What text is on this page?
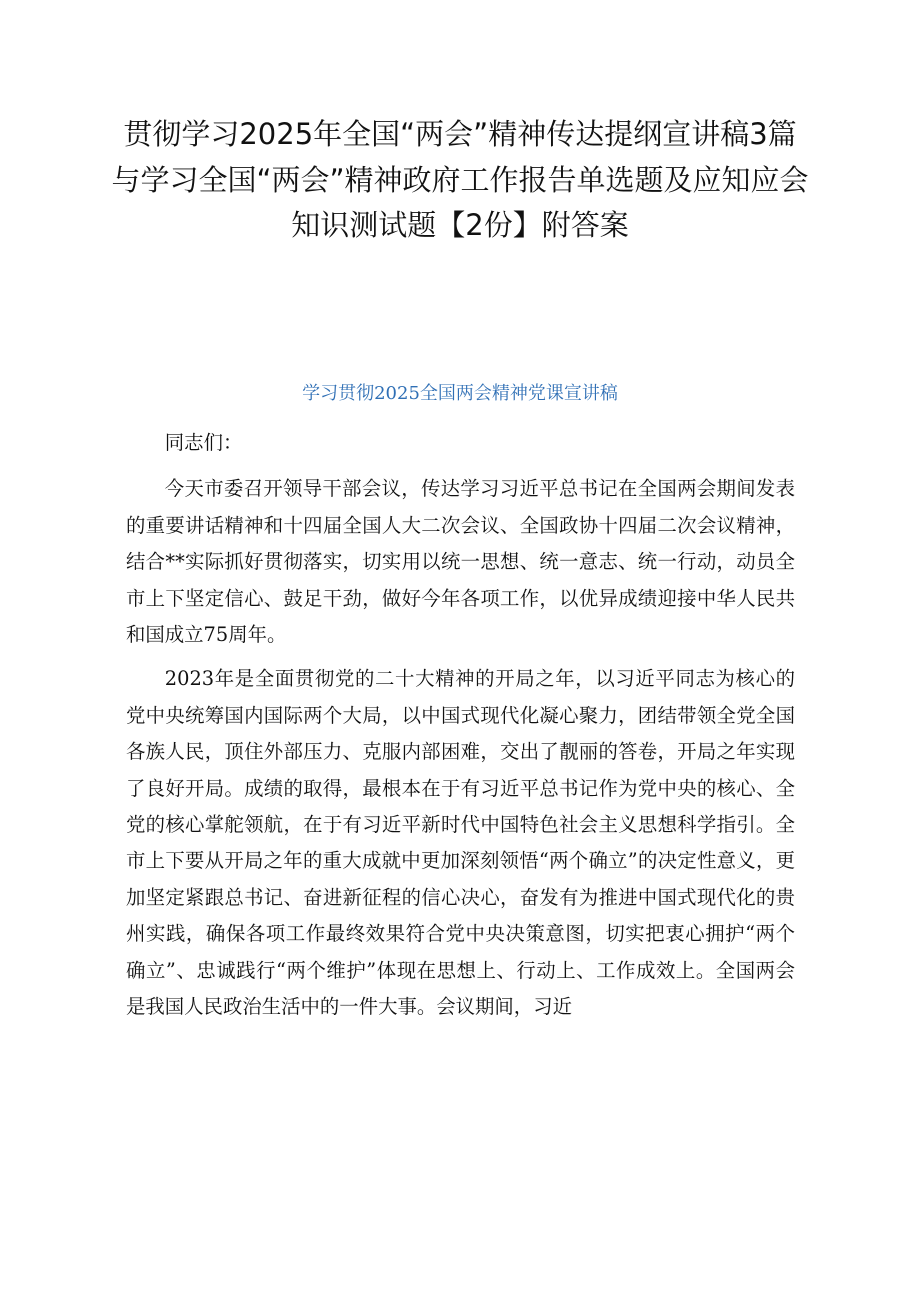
贯彻学习2025年全国“两会”精神传达提纲宣讲稿3篇与学习全国“两会”精神政府工作报告单选题及应知应会知识测试题【2份】附答案
学习贯彻2025全国两会精神党课宣讲稿

同志们：

今天市委召开领导干部会议，传达学习习近平总书记在全国两会期间发表的重要讲话精神和十四届全国人大二次会议、全国政协十四届二次会议精神，结合**实际抓好贯彻落实，切实用以统一思想、统一意志、统一行动，动员全市上下坚定信心、鼓足干劲，做好今年各项工作，以优异成绩迎接中华人民共和国成立75周年。

2023年是全面贯彻党的二十大精神的开局之年，以习近平同志为核心的党中央统筹国内国际两个大局，以中国式现代化凝心聚力，团结带领全党全国各族人民，顶住外部压力、克服内部困难，交出了靓丽的答卷，开局之年实现了良好开局。成绩的取得，最根本在于有习近平总书记作为党中央的核心、全党的核心掌舵领航，在于有习近平新时代中国特色社会主义思想科学指引。全市上下要从开局之年的重大成就中更加深刻领悟“两个确立”的决定性意义，更加坚定紧跟总书记、奋进新征程的信心决心，奋发有为推进中国式现代化的贵州实践，确保各项工作最终效果符合党中央决策意图，切实把衷心拥护“两个确立”、忠诚践行“两个维护”体现在思想上、行动上、工作成效上。全国两会是我国人民政治生活中的一件大事。会议期间，习近
